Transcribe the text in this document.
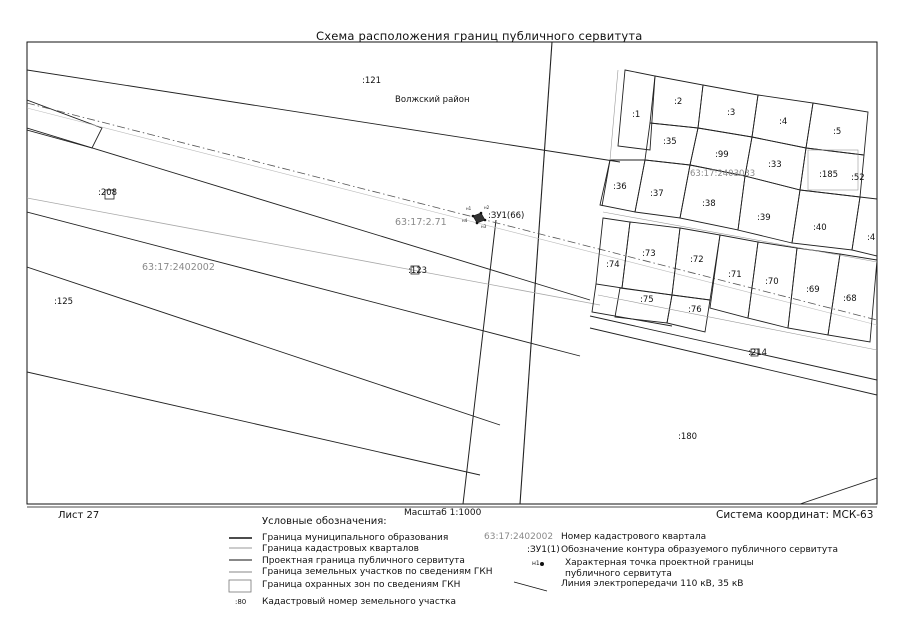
Схема расположения границ публичного сервитута
Волжский район
:121
:1
:2
:3
:4
:5
:35
:99
:33
63:17:2403033	:185 :52
:36
:37
:38
:39
:40
:4
:74
:73
:72
:71
:70
:69
:68
:75
:76
:214
:180
:125
:208
:123
63:17:2402002
63:17:2.71
:ЗУ1(66)
н1	н2
н3
н4
Лист 27	Масштаб 1:1000	Система координат: МСК-63
Условные обозначения:
Граница муниципального образования
Граница кадастровых кварталов
Проектная граница публичного сервитута
Граница земельных участков по сведениям ГКН
Граница охранных зон по сведениям ГКН
Кадастровый номер земельного участка
:80
63:17:2402002 Номер кадастрового квартала
:ЗУ1(1) Обозначение контура образуемого публичного сервитута
н1	Характерная точка проектной границы
публичного сервитута
Линия электропередачи 110 кВ, 35 кВ
